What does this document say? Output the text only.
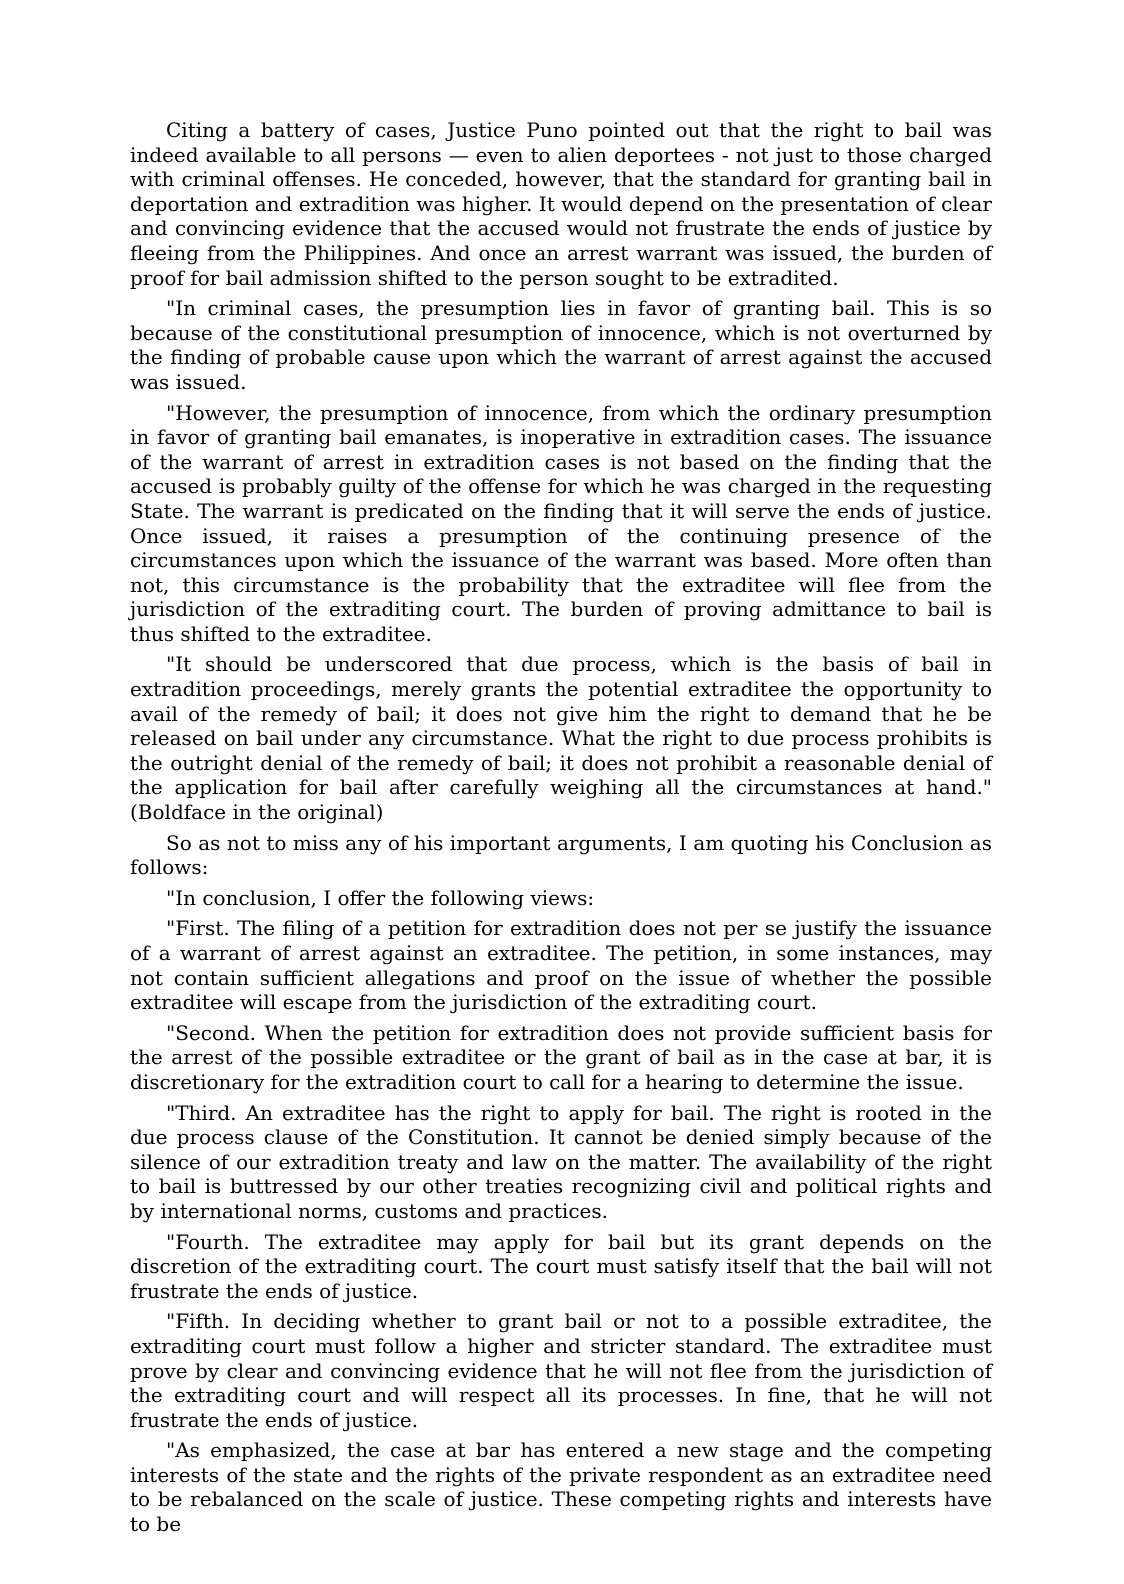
Citing a battery of cases, Justice Puno pointed out that the right to bail was indeed available to all persons — even to alien deportees - not just to those charged with criminal offenses. He conceded, however, that the standard for granting bail in deportation and extradition was higher. It would depend on the presentation of clear and convincing evidence that the accused would not frustrate the ends of justice by fleeing from the Philippines. And once an arrest warrant was issued, the burden of proof for bail admission shifted to the person sought to be extradited.

"In criminal cases, the presumption lies in favor of granting bail. This is so because of the constitutional presumption of innocence, which is not overturned by the finding of probable cause upon which the warrant of arrest against the accused was issued.

"However, the presumption of innocence, from which the ordinary presumption in favor of granting bail emanates, is inoperative in extradition cases. The issuance of the warrant of arrest in extradition cases is not based on the finding that the accused is probably guilty of the offense for which he was charged in the requesting State. The warrant is predicated on the finding that it will serve the ends of justice. Once issued, it raises a presumption of the continuing presence of the circumstances upon which the issuance of the warrant was based. More often than not, this circumstance is the probability that the extraditee will flee from the jurisdiction of the extraditing court. The burden of proving admittance to bail is thus shifted to the extraditee.

"It should be underscored that due process, which is the basis of bail in extradition proceedings, merely grants the potential extraditee the opportunity to avail of the remedy of bail; it does not give him the right to demand that he be released on bail under any circumstance. What the right to due process prohibits is the outright denial of the remedy of bail; it does not prohibit a reasonable denial of the application for bail after carefully weighing all the circumstances at hand." (Boldface in the original)

So as not to miss any of his important arguments, I am quoting his Conclusion as follows:

"In conclusion, I offer the following views:

"First. The filing of a petition for extradition does not per se justify the issuance of a warrant of arrest against an extraditee. The petition, in some instances, may not contain sufficient allegations and proof on the issue of whether the possible extraditee will escape from the jurisdiction of the extraditing court.

"Second. When the petition for extradition does not provide sufficient basis for the arrest of the possible extraditee or the grant of bail as in the case at bar, it is discretionary for the extradition court to call for a hearing to determine the issue.

"Third. An extraditee has the right to apply for bail. The right is rooted in the due process clause of the Constitution. It cannot be denied simply because of the silence of our extradition treaty and law on the matter. The availability of the right to bail is buttressed by our other treaties recognizing civil and political rights and by international norms, customs and practices.

"Fourth. The extraditee may apply for bail but its grant depends on the discretion of the extraditing court. The court must satisfy itself that the bail will not frustrate the ends of justice.

"Fifth. In deciding whether to grant bail or not to a possible extraditee, the extraditing court must follow a higher and stricter standard. The extraditee must prove by clear and convincing evidence that he will not flee from the jurisdiction of the extraditing court and will respect all its processes. In fine, that he will not frustrate the ends of justice.

"As emphasized, the case at bar has entered a new stage and the competing interests of the state and the rights of the private respondent as an extraditee need to be rebalanced on the scale of justice. These competing rights and interests have to be
